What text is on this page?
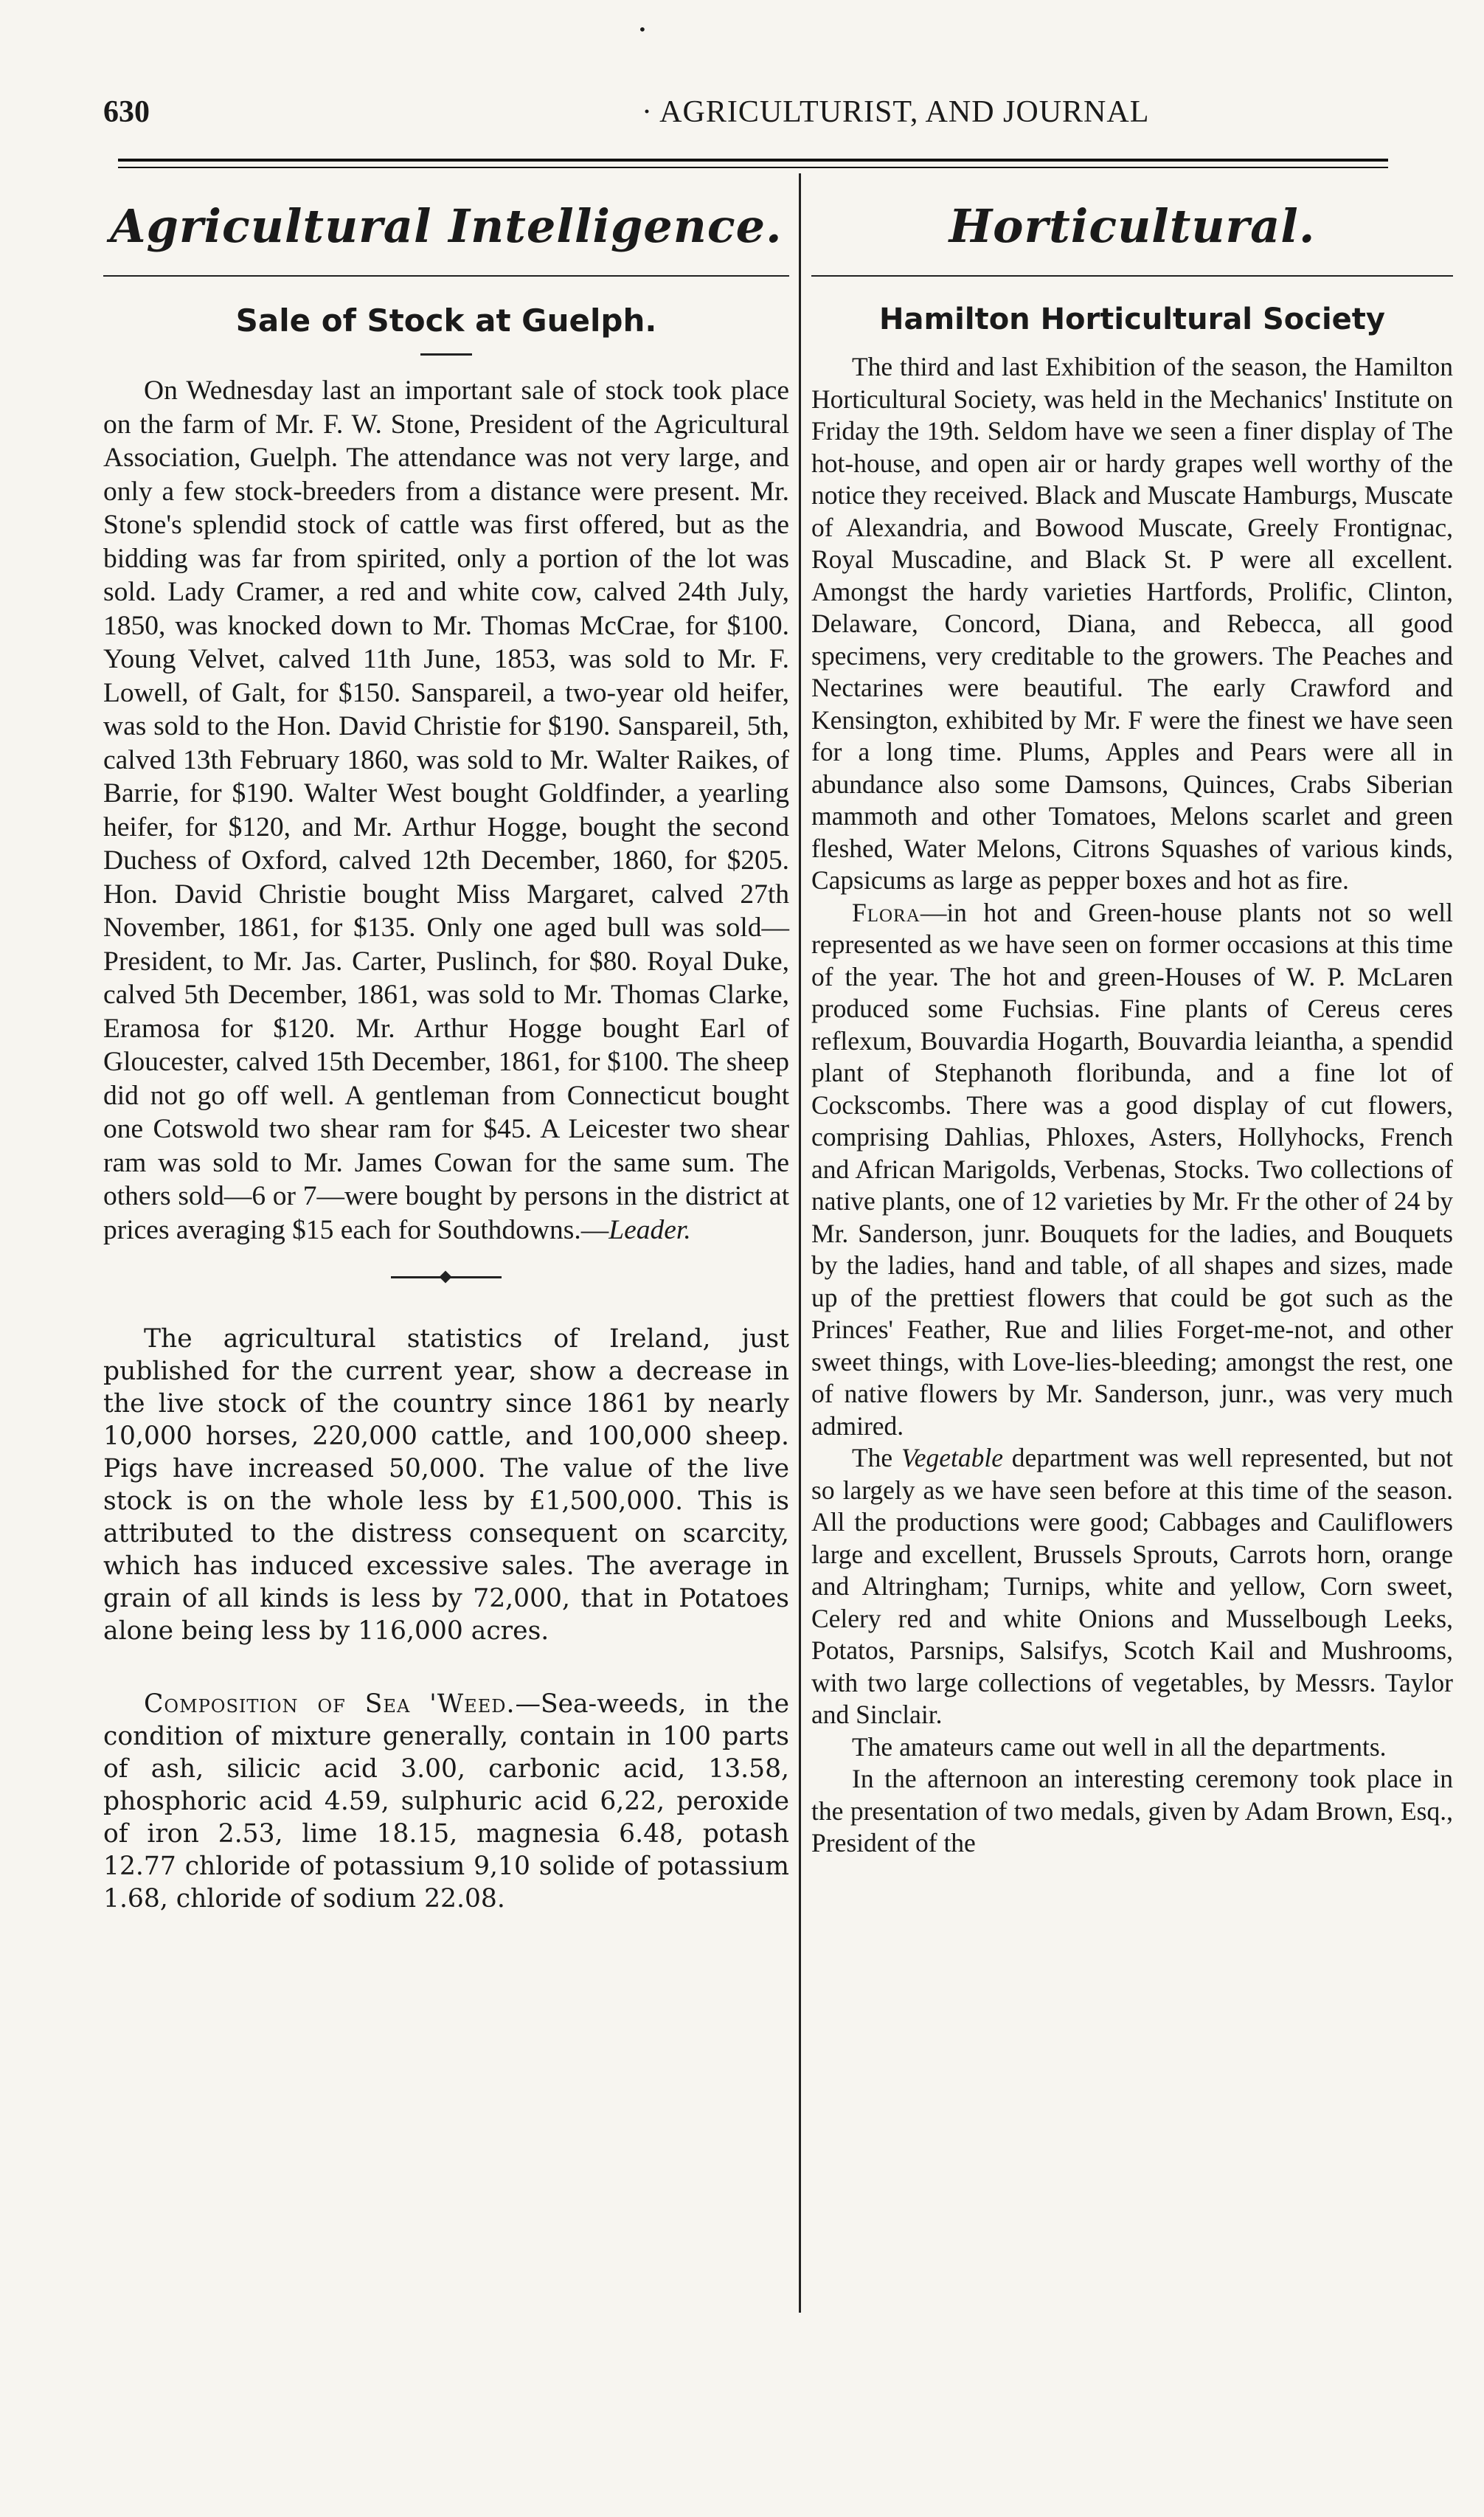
•
630	· AGRICULTURIST, AND JOURNAL
Agricultural Intelligence.
Sale of Stock at Guelph.

On Wednesday last an important sale of stock took place on the farm of Mr. F. W. Stone, President of the Agricultural Association, Guelph. The attendance was not very large, and only a few stock-breeders from a distance were present. Mr. Stone's splendid stock of cattle was first offered, but as the bidding was far from spirited, only a portion of the lot was sold. Lady Cramer, a red and white cow, calved 24th July, 1850, was knocked down to Mr. Thomas McCrae, for $100. Young Velvet, calved 11th June, 1853, was sold to Mr. F. Lowell, of Galt, for $150. Sanspareil, a two-year old heifer, was sold to the Hon. David Christie for $190. Sanspareil, 5th, calved 13th February 1860, was sold to Mr. Walter Raikes, of Barrie, for $190. Walter West bought Goldfinder, a yearling heifer, for $120, and Mr. Arthur Hogge, bought the second Duchess of Oxford, calved 12th December, 1860, for $205. Hon. David Christie bought Miss Margaret, calved 27th November, 1861, for $135. Only one aged bull was sold—President, to Mr. Jas. Carter, Puslinch, for $80. Royal Duke, calved 5th December, 1861, was sold to Mr. Thomas Clarke, Eramosa for $120. Mr. Arthur Hogge bought Earl of Gloucester, calved 15th December, 1861, for $100. The sheep did not go off well. A gentleman from Connecticut bought one Cotswold two shear ram for $45. A Leicester two shear ram was sold to Mr. James Cowan for the same sum. The others sold—6 or 7—were bought by persons in the district at prices averaging $15 each for Southdowns.—Leader.

The agricultural statistics of Ireland, just published for the current year, show a decrease in the live stock of the country since 1861 by nearly 10,000 horses, 220,000 cattle, and 100,000 sheep. Pigs have increased 50,000. The value of the live stock is on the whole less by £1,500,000. This is attributed to the distress consequent on scarcity, which has induced excessive sales. The average in grain of all kinds is less by 72,000, that in Potatoes alone being less by 116,000 acres.

Composition of Sea 'Weed.—Sea-weeds, in the condition of mixture generally, contain in 100 parts of ash, silicic acid 3.00, carbonic acid, 13.58, phosphoric acid 4.59, sulphuric acid 6,22, peroxide of iron 2.53, lime 18.15, magnesia 6.48, potash 12.77 chloride of potassium 9,10 solide of potassium 1.68, chloride of sodium 22.08.

Horticultural.
Hamilton Horticultural Society

The third and last Exhibition of the season, the Hamilton Horticultural Society, was held in the Mechanics' Institute on Friday the 19th. Seldom have we seen a finer display of The hot-house, and open air or hardy grapes well worthy of the notice they received. Black and Muscate Hamburgs, Muscate of Alexandria, and Bowood Muscate, Greely Frontignac, Royal Muscadine, and Black St. P were all excellent. Amongst the hardy varieties Hartfords, Prolific, Clinton, Delaware, Concord, Diana, and Rebecca, all good specimens, very creditable to the growers. The Peaches and Nectarines were beautiful. The early Crawford and Kensington, exhibited by Mr. F were the finest we have seen for a long time. Plums, Apples and Pears were all in abundance also some Damsons, Quinces, Crabs Siberian mammoth and other Tomatoes, Melons scarlet and green fleshed, Water Melons, Citrons Squashes of various kinds, Capsicums as large as pepper boxes and hot as fire.

Flora—in hot and Green-house plants not so well represented as we have seen on former occasions at this time of the year. The hot and green-Houses of W. P. McLaren produced some Fuchsias. Fine plants of Cereus ceres reflexum, Bouvardia Hogarth, Bouvardia leiantha, a spendid plant of Stephanoth floribunda, and a fine lot of Cockscombs. There was a good display of cut flowers, comprising Dahlias, Phloxes, Asters, Hollyhocks, French and African Marigolds, Verbenas, Stocks. Two collections of native plants, one of 12 varieties by Mr. Fr the other of 24 by Mr. Sanderson, junr. Bouquets for the ladies, and Bouquets by the ladies, hand and table, of all shapes and sizes, made up of the prettiest flowers that could be got such as the Princes' Feather, Rue and lilies Forget-me-not, and other sweet things, with Love-lies-bleeding; amongst the rest, one of native flowers by Mr. Sanderson, junr., was very much admired.

The Vegetable department was well represented, but not so largely as we have seen before at this time of the season. All the productions were good; Cabbages and Cauliflowers large and excellent, Brussels Sprouts, Carrots horn, orange and Altringham; Turnips, white and yellow, Corn sweet, Celery red and white Onions and Musselbough Leeks, Potatos, Parsnips, Salsifys, Scotch Kail and Mushrooms, with two large collections of vegetables, by Messrs. Taylor and Sinclair.

The amateurs came out well in all the departments.

In the afternoon an interesting ceremony took place in the presentation of two medals, given by Adam Brown, Esq., President of the
